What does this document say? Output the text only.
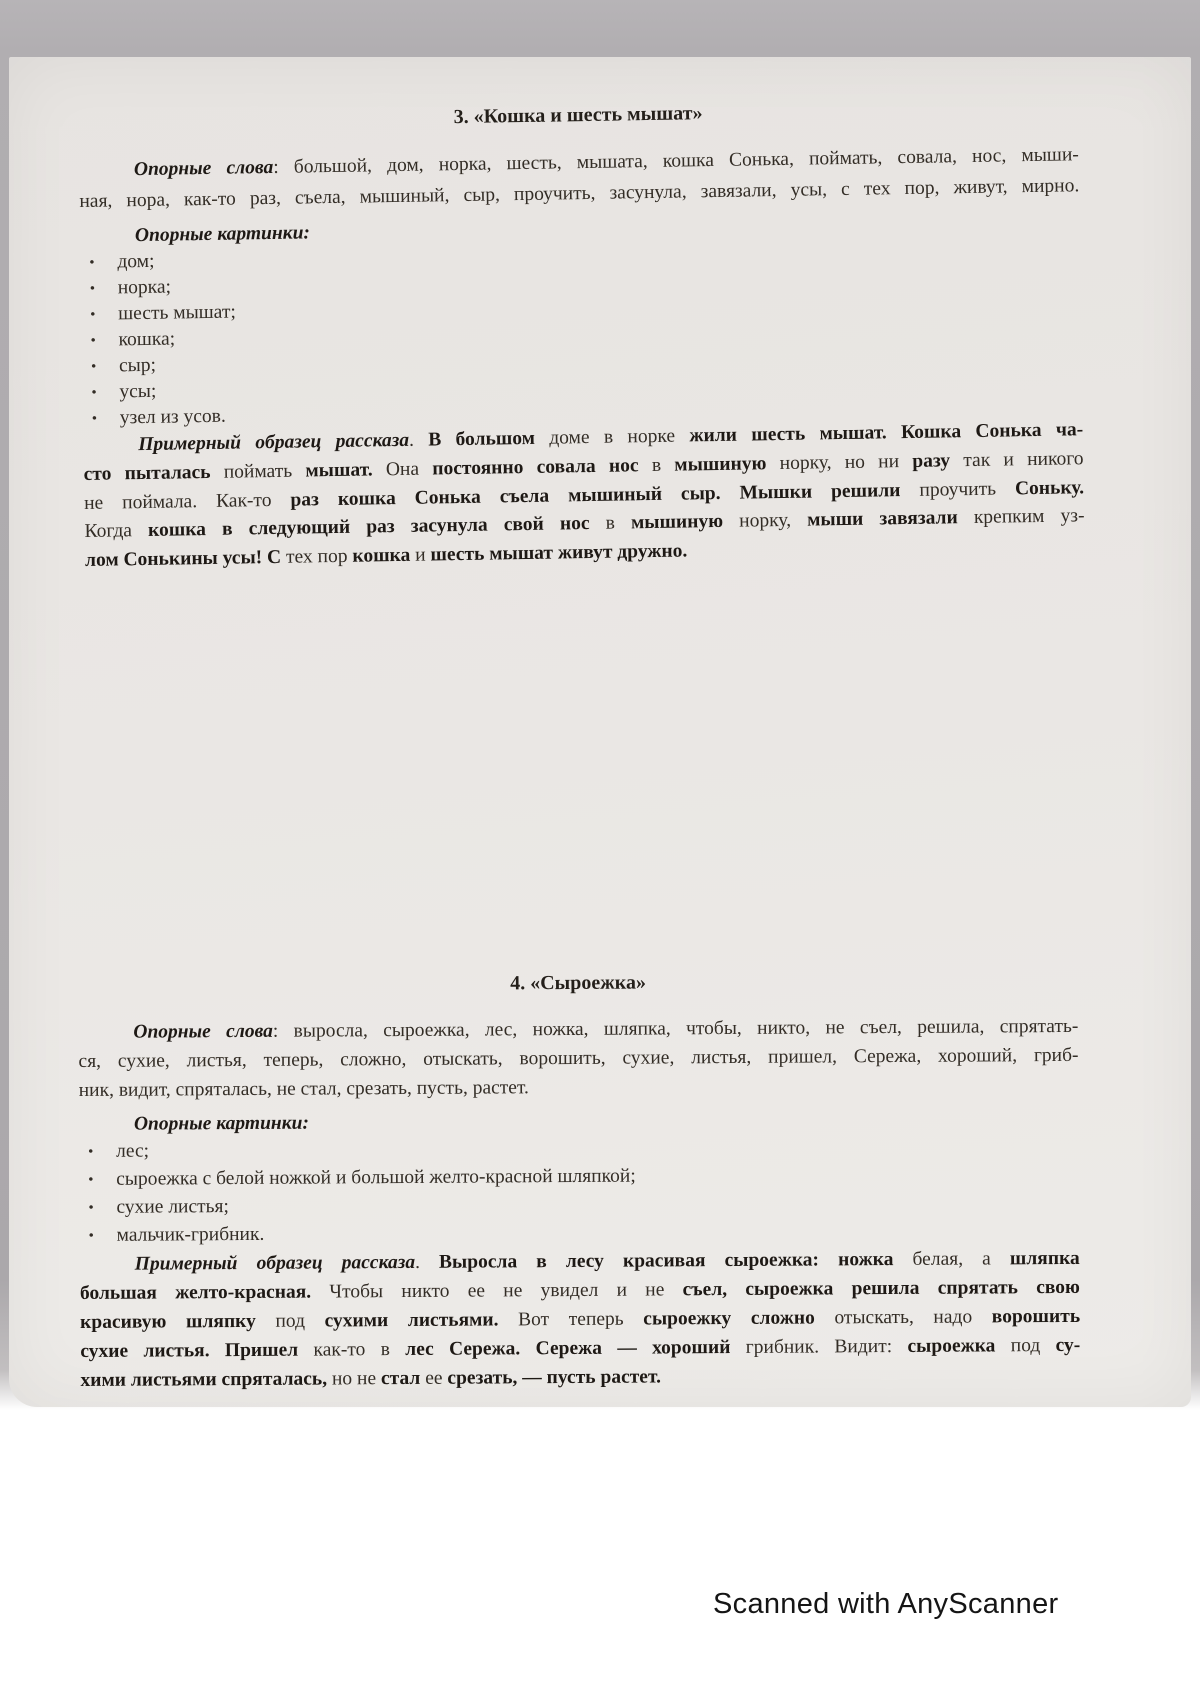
3. «Кошка и шесть мышат»
Опорные слова: большой, дом, норка, шесть, мышата, кошка Сонька, поймать, совала, нос, мыши-
ная, нора, как-то раз, съела, мышиный, сыр, проучить, засунула, завязали, усы, с тех пор, живут, мирно.
Опорные картинки:
•	дом;
•	норка;
•	шесть мышат;
•	кошка;
•	сыр;
•	усы;
•	узел из усов.
Примерный образец рассказа. В большом доме в норке жили шесть мышат. Кошка Сонька ча-
сто пыталась поймать мышат. Она постоянно совала нос в мышиную норку, но ни разу так и никого
не поймала. Как-то раз кошка Сонька съела мышиный сыр. Мышки решили проучить Соньку.
Когда кошка в следующий раз засунула свой нос в мышиную норку, мыши завязали крепким уз-
лом Сонькины усы! С тех пор кошка и шесть мышат живут дружно.
4. «Сыроежка»
Опорные слова: выросла, сыроежка, лес, ножка, шляпка, чтобы, никто, не съел, решила, спрятать-
ся, сухие, листья, теперь, сложно, отыскать, ворошить, сухие, листья, пришел, Сережа, хороший, гриб-
ник, видит, спряталась, не стал, срезать, пусть, растет.
Опорные картинки:
•	лес;
•	сыроежка с белой ножкой и большой желто-красной шляпкой;
•	сухие листья;
•	мальчик-грибник.
Примерный образец рассказа. Выросла в лесу красивая сыроежка: ножка белая, а шляпка
большая желто-красная. Чтобы никто ее не увидел и не съел, сыроежка решила спрятать свою
красивую шляпку под сухими листьями. Вот теперь сыроежку сложно отыскать, надо ворошить
сухие листья. Пришел как-то в лес Сережа. Сережа — хороший грибник. Видит: сыроежка под су-
хими листьями спряталась, но не стал ее срезать, — пусть растет.
Scanned with AnyScanner
